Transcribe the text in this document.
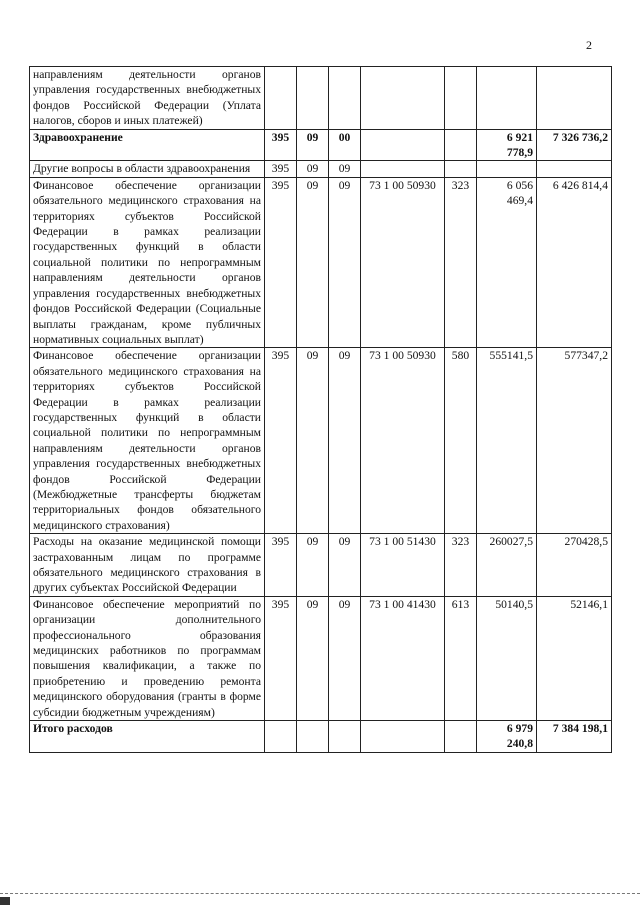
2
направлениям деятельности органов управления государственных внебюджетных фондов Российской Федерации (Уплата налогов, сборов и иных платежей)							
Здравоохранение	395	09	00			6 921 778,9	7 326 736,2
Другие вопросы в области здравоохранения	395	09	09				
Финансовое обеспечение организации обязательного медицинского страхования на территориях субъектов Российской Федерации в рамках реализации государственных функций в области социальной политики по непрограммным направлениям деятельности органов управления государственных внебюджетных фондов Российской Федерации (Социальные выплаты гражданам, кроме публичных нормативных социальных выплат)	395	09	09	73 1 00 50930	323	6 056 469,4	6 426 814,4
Финансовое обеспечение организации обязательного медицинского страхования на территориях субъектов Российской Федерации в рамках реализации государственных функций в области социальной политики по непрограммным направлениям деятельности органов управления государственных внебюджетных фондов Российской Федерации (Межбюджетные трансферты бюджетам территориальных фондов обязательного медицинского страхования)	395	09	09	73 1 00 50930	580	555141,5	577347,2
Расходы на оказание медицинской помощи застрахованным лицам по программе обязательного медицинского страхования в других субъектах Российской Федерации	395	09	09	73 1 00 51430	323	260027,5	270428,5
Финансовое обеспечение мероприятий по организации дополнительного профессионального образования медицинских работников по программам повышения квалификации, а также по приобретению и проведению ремонта медицинского оборудования (гранты в форме субсидии бюджетным учреждениям)	395	09	09	73 1 00 41430	613	50140,5	52146,1
Итого расходов						6 979 240,8	7 384 198,1
